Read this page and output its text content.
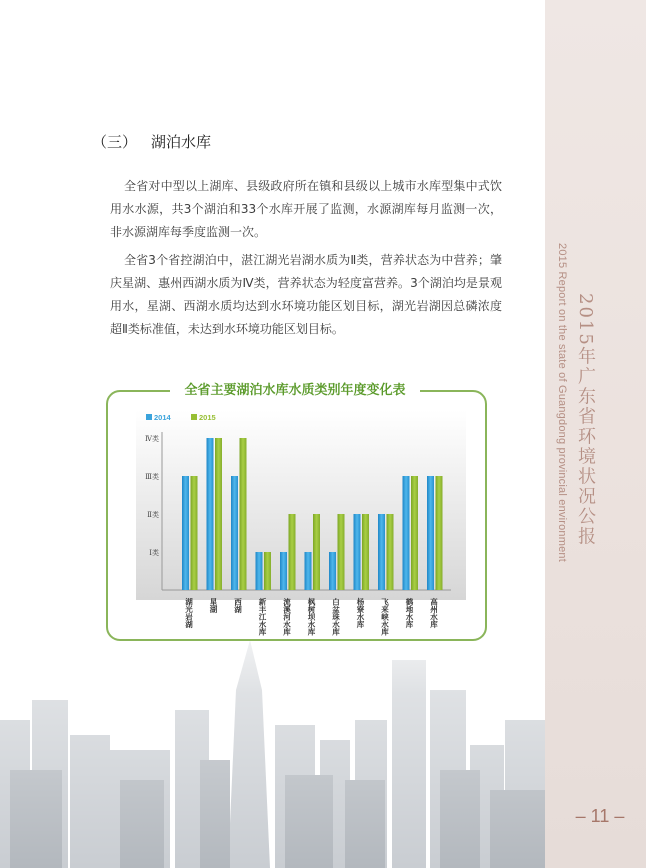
2015 Report on the state of Guangdong provincial environment 2015年广东省环境状况公报
– 11 –
（三） 湖泊水库

全省对中型以上湖库、县级政府所在镇和县级以上城市水库型集中式饮用水水源，共3个湖泊和33个水库开展了监测，水源湖库每月监测一次，非水源湖库每季度监测一次。

全省3个省控湖泊中，湛江湖光岩湖水质为Ⅱ类，营养状态为中营养；肇庆星湖、惠州西湖水质为Ⅳ类，营养状态为轻度富营养。3个湖泊均是景观用水，星湖、西湖水质均达到水环境功能区划目标，湖光岩湖因总磷浓度超Ⅱ类标准值，未达到水环境功能区划目标。

全省主要湖泊水库水质类别年度变化表
Ⅰ类
Ⅱ类
Ⅲ类
Ⅳ类
2014	2015
湖光岩湖 星湖 西湖 新丰江水库 流溪河水库 枫树坝水库 白盆珠水库 杨寮水库 飞来峡水库 鹤地水库 高州水库
